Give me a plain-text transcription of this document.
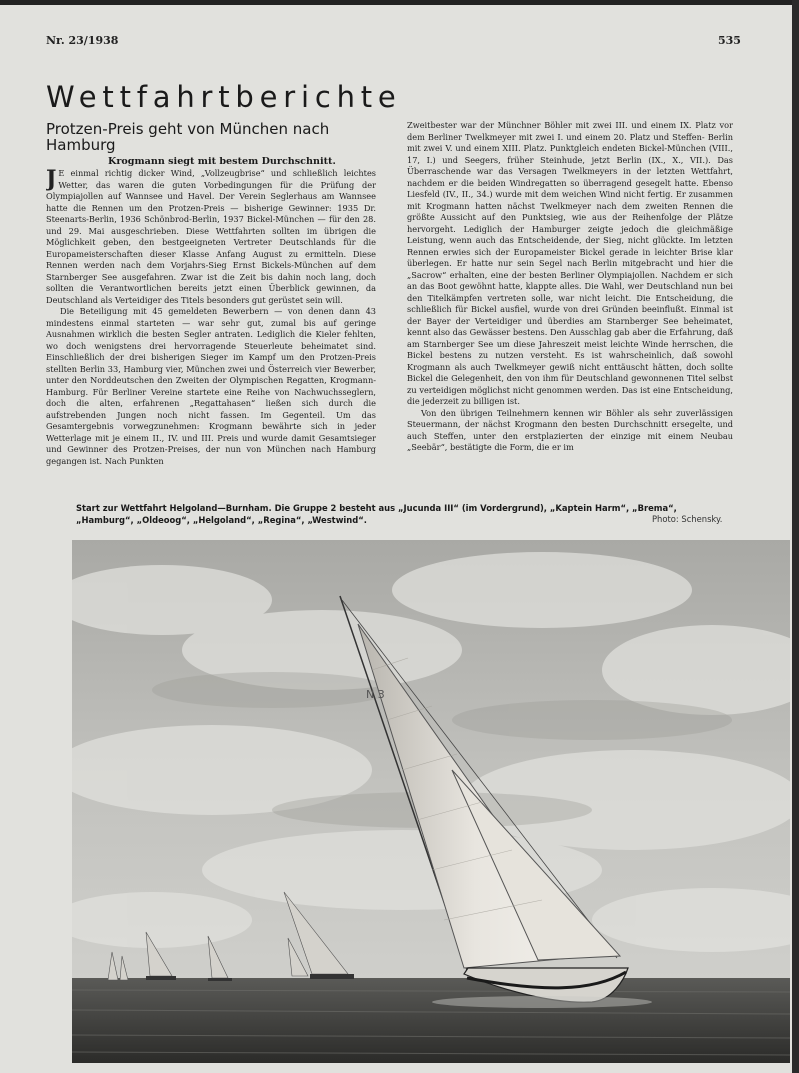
Nr. 23/1938	535
Wettfahrtberichte
Protzen-Preis geht von München nach Hamburg
Krogmann siegt mit bestem Durchschnitt.

J E einmal richtig dicker Wind, „Vollzeugbrise“ und schließlich leichtes Wetter, das waren die guten Vorbedingungen für die Prüfung der Olympiajollen auf Wannsee und Havel. Der Verein Seglerhaus am Wannsee hatte die Rennen um den Protzen-Preis — bisherige Gewinner: 1935 Dr. Steenarts-Berlin, 1936 Schönbrod-Berlin, 1937 Bickel-München — für den 28. und 29. Mai ausgeschrieben. Diese Wettfahrten sollten im übrigen die Möglichkeit geben, den bestgeeigneten Vertreter Deutschlands für die Europameisterschaften dieser Klasse Anfang August zu ermitteln. Diese Rennen werden nach dem Vorjahrs-Sieg Ernst Bickels-München auf dem Starnberger See ausgefahren. Zwar ist die Zeit bis dahin noch lang, doch sollten die Verantwortlichen bereits jetzt einen Überblick gewinnen, da Deutschland als Verteidiger des Titels besonders gut gerüstet sein will.

Die Beteiligung mit 45 gemeldeten Bewerbern — von denen dann 43 mindestens einmal starteten — war sehr gut, zumal bis auf geringe Ausnahmen wirklich die besten Segler antraten. Lediglich die Kieler fehlten, wo doch wenigstens drei hervorragende Steuerleute beheimatet sind. Einschließlich der drei bisherigen Sieger im Kampf um den Protzen-Preis stellten Berlin 33, Hamburg vier, München zwei und Österreich vier Bewerber, unter den Norddeutschen den Zweiten der Olympischen Regatten, Krogmann-Hamburg. Für Berliner Vereine startete eine Reihe von Nachwuchsseglern, doch die alten, erfahrenen „Regattahasen“ ließen sich durch die aufstrebenden Jungen noch nicht fassen. Im Gegenteil. Um das Gesamtergebnis vorwegzunehmen: Krogmann bewährte sich in jeder Wetterlage mit je einem II., IV. und III. Preis und wurde damit Gesamtsieger und Gewinner des Protzen-Preises, der nun von München nach Hamburg gegangen ist. Nach Punkten

Zweitbester war der Münchner Böhler mit zwei III. und einem IX. Platz vor dem Berliner Twelkmeyer mit zwei I. und einem 20. Platz und Steffen- Berlin mit zwei V. und einem XIII. Platz. Punktgleich endeten Bickel-München (VIII., 17, I.) und Seegers, früher Steinhude, jetzt Berlin (IX., X., VII.). Das Überraschende war das Versagen Twelkmeyers in der letzten Wettfahrt, nachdem er die beiden Windregatten so überragend gesegelt hatte. Ebenso Liesfeld (IV., II., 34.) wurde mit dem weichen Wind nicht fertig. Er zusammen mit Krogmann hatten nächst Twelkmeyer nach dem zweiten Rennen die größte Aussicht auf den Punktsieg, wie aus der Reihenfolge der Plätze hervorgeht. Lediglich der Hamburger zeigte jedoch die gleichmäßige Leistung, wenn auch das Entscheidende, der Sieg, nicht glückte. Im letzten Rennen erwies sich der Europameister Bickel gerade in leichter Brise klar überlegen. Er hatte nur sein Segel nach Berlin mitgebracht und hier die „Sacrow“ erhalten, eine der besten Berliner Olympiajollen. Nachdem er sich an das Boot gewöhnt hatte, klappte alles. Die Wahl, wer Deutschland nun bei den Titelkämpfen vertreten solle, war nicht leicht. Die Entscheidung, die schließlich für Bickel ausfiel, wurde von drei Gründen beeinflußt. Einmal ist der Bayer der Verteidiger und überdies am Starnberger See beheimatet, kennt also das Gewässer bestens. Den Ausschlag gab aber die Erfahrung, daß am Starnberger See um diese Jahreszeit meist leichte Winde herrschen, die Bickel bestens zu nutzen versteht. Es ist wahrscheinlich, daß sowohl Krogmann als auch Twelkmeyer gewiß nicht enttäuscht hätten, doch sollte Bickel die Gelegenheit, den von ihm für Deutschland gewonnenen Titel selbst zu verteidigen möglichst nicht genommen werden. Das ist eine Entscheidung, die jederzeit zu billigen ist.

Von den übrigen Teilnehmern kennen wir Böhler als sehr zuverlässigen Steuermann, der nächst Krogmann den besten Durchschnitt ersegelte, und auch Steffen, unter den erstplazierten der einzige mit einem Neubau „Seebär“, bestätigte die Form, die er im

Start zur Wettfahrt Helgoland—Burnham. Die Gruppe 2 besteht aus „Jucunda III“ (im Vordergrund), „Kaptein Harm“, „Brema“, „Hamburg“, „Oldeoog“, „Helgoland“, „Regina“, „Westwind“.	Photo: Schensky.
N 3
